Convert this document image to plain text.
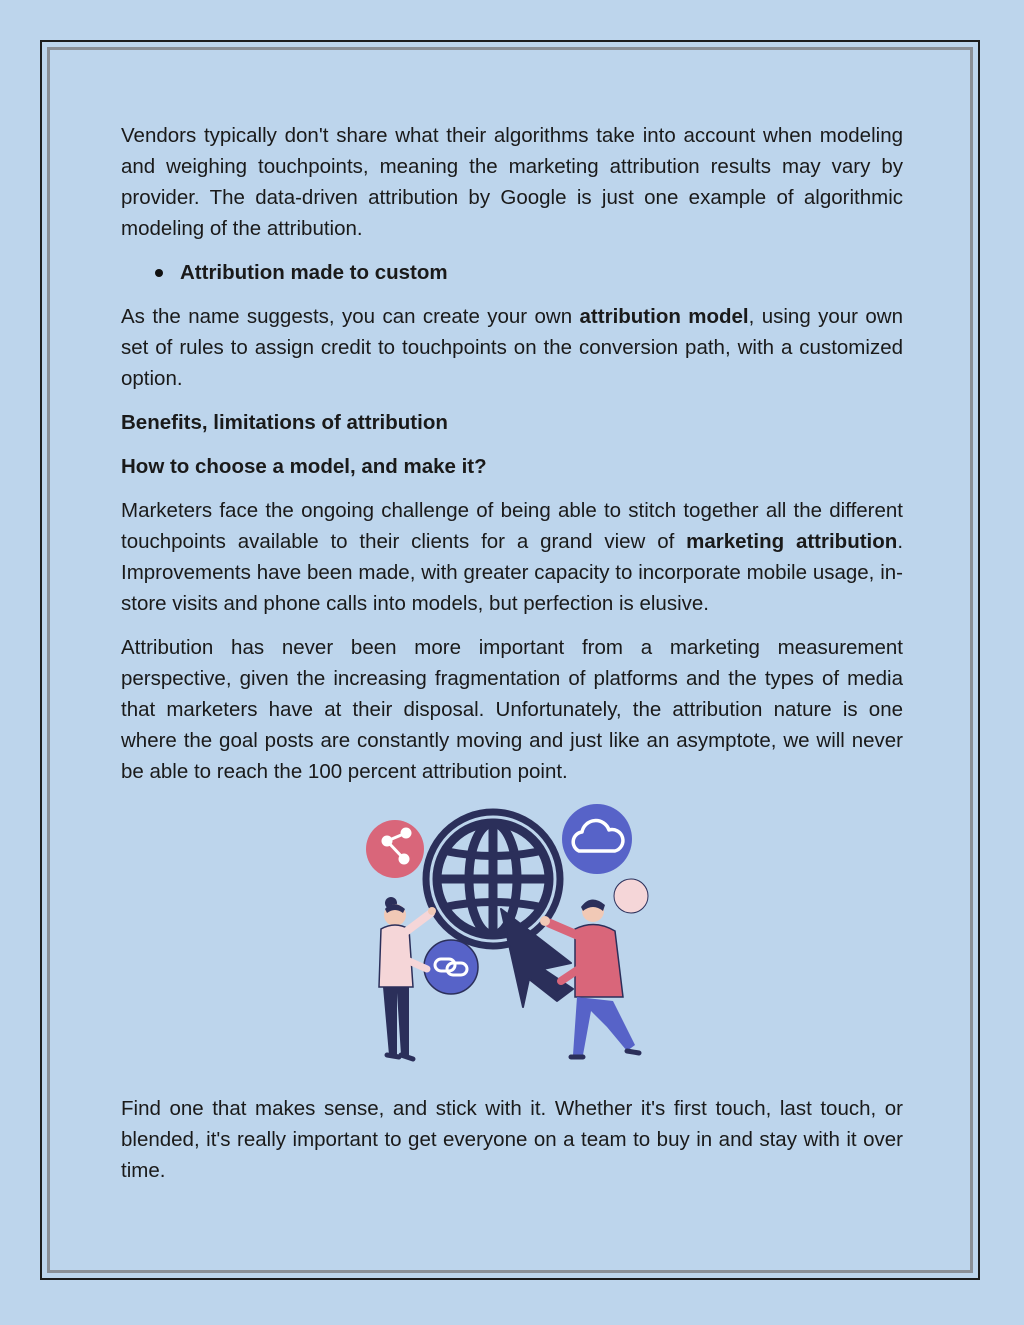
Vendors typically don't share what their algorithms take into account when modeling and weighing touchpoints, meaning the marketing attribution results may vary by provider. The data-driven attribution by Google is just one example of algorithmic modeling of the attribution.

Attribution made to custom

As the name suggests, you can create your own attribution model, using your own set of rules to assign credit to touchpoints on the conversion path, with a customized option.

Benefits, limitations of attribution
How to choose a model, and make it?

Marketers face the ongoing challenge of being able to stitch together all the different touchpoints available to their clients for a grand view of marketing attribution. Improvements have been made, with greater capacity to incorporate mobile usage, in-store visits and phone calls into models, but perfection is elusive.

Attribution has never been more important from a marketing measurement perspective, given the increasing fragmentation of platforms and the types of media that marketers have at their disposal. Unfortunately, the attribution nature is one where the goal posts are constantly moving and just like an asymptote, we will never be able to reach the 100 percent attribution point.

Find one that makes sense, and stick with it. Whether it's first touch, last touch, or blended, it's really important to get everyone on a team to buy in and stay with it over time.
